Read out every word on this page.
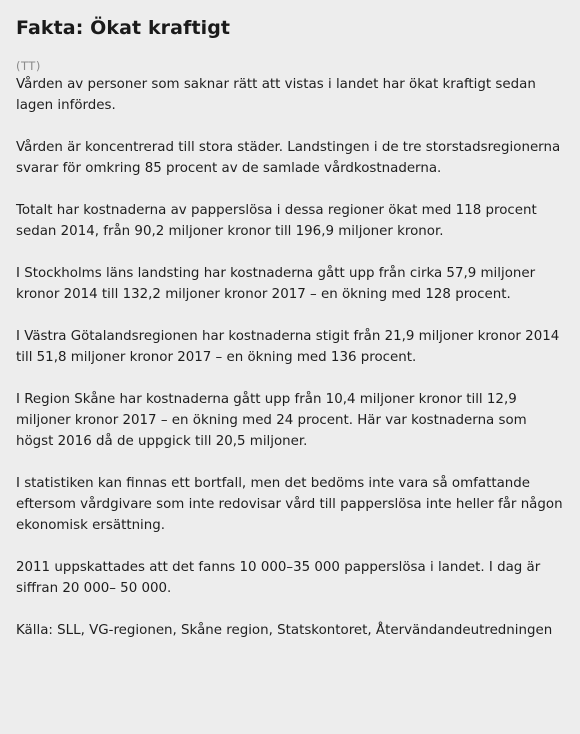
Fakta: Ökat kraftigt
(TT)

Vården av personer som saknar rätt att vistas i landet har ökat kraftigt sedan lagen infördes.

Vården är koncentrerad till stora städer. Landstingen i de tre storstadsregionerna svarar för omkring 85 procent av de samlade vårdkostnaderna.

Totalt har kostnaderna av papperslösa i dessa regioner ökat med 118 procent sedan 2014, från 90,2 miljoner kronor till 196,9 miljoner kronor.

I Stockholms läns landsting har kostnaderna gått upp från cirka 57,9 miljoner kronor 2014 till 132,2 miljoner kronor 2017 – en ökning med 128 procent.

I Västra Götalandsregionen har kostnaderna stigit från 21,9 miljoner kronor 2014 till 51,8 miljoner kronor 2017 – en ökning med 136 procent.

I Region Skåne har kostnaderna gått upp från 10,4 miljoner kronor till 12,9 miljoner kronor 2017 – en ökning med 24 procent. Här var kostnaderna som högst 2016 då de uppgick till 20,5 miljoner.

I statistiken kan finnas ett bortfall, men det bedöms inte vara så omfattande eftersom vårdgivare som inte redovisar vård till papperslösa inte heller får någon ekonomisk ersättning.

2011 uppskattades att det fanns 10 000–35 000 papperslösa i landet. I dag är siffran 20 000– 50 000.

Källa: SLL, VG-regionen, Skåne region, Statskontoret, Återvändandeutredningen
